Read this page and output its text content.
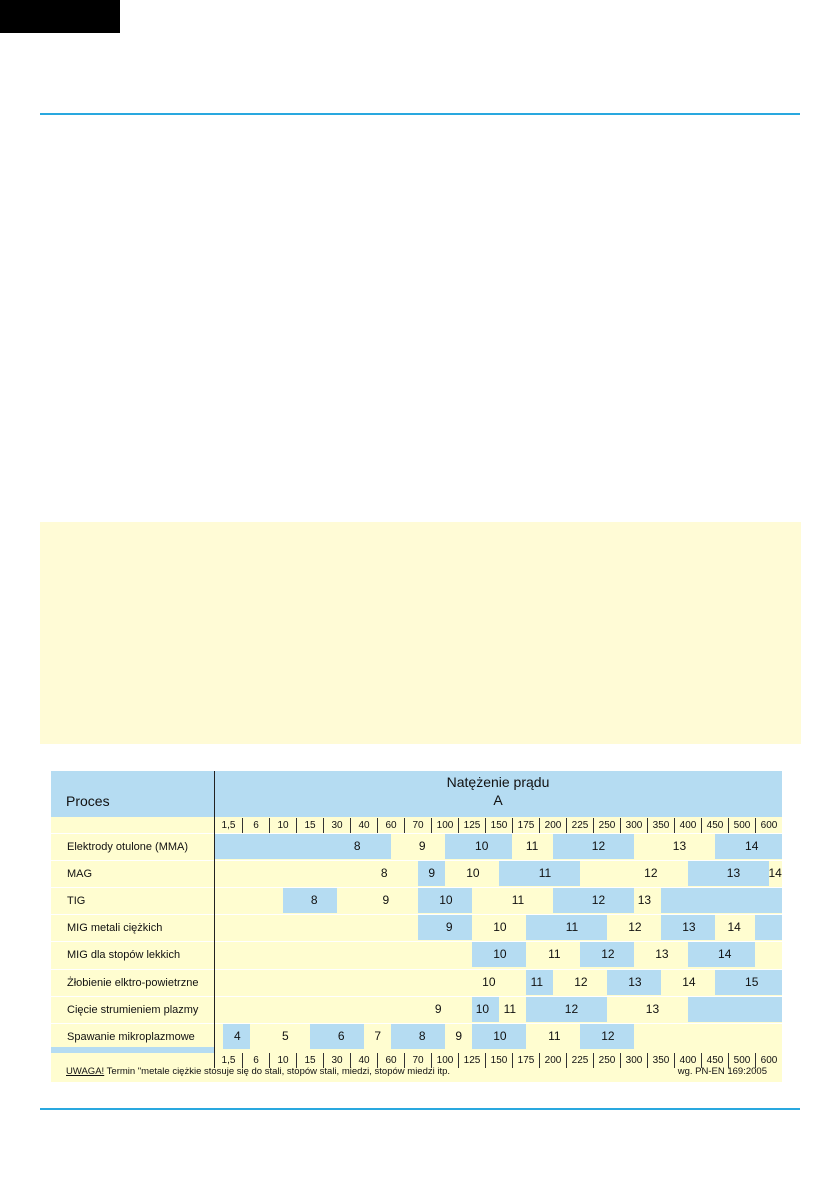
Proces
Natężenie prądu
A
1,5	6	10	15	30	40	60	70	100	125	150	175	200	225	250	300	350	400	450	500	600
Elektrody otulone (MMA)	8	9	10	11	12	13	14
MAG	8	9	10	11	12	13	14
TIG	8	9	10	11	12	13
MIG metali ciężkich	9	10	11	12	13	14
MIG dla stopów lekkich	10	11	12	13	14
Żłobienie elktro-powietrzne	10	11	12	13	14	15
Cięcie strumieniem plazmy	9	10	11	12	13
Spawanie mikroplazmowe	4	5	6	7	8	9	10	11	12
1,5	6	10	15	30	40	60	70	100	125	150	175	200	225	250	300	350	400	450	500	600
UWAGA! Termin "metale ciężkie stosuje się do stali, stopów stali, miedzi, stopów miedzi itp.	wg. PN-EN 169:2005
